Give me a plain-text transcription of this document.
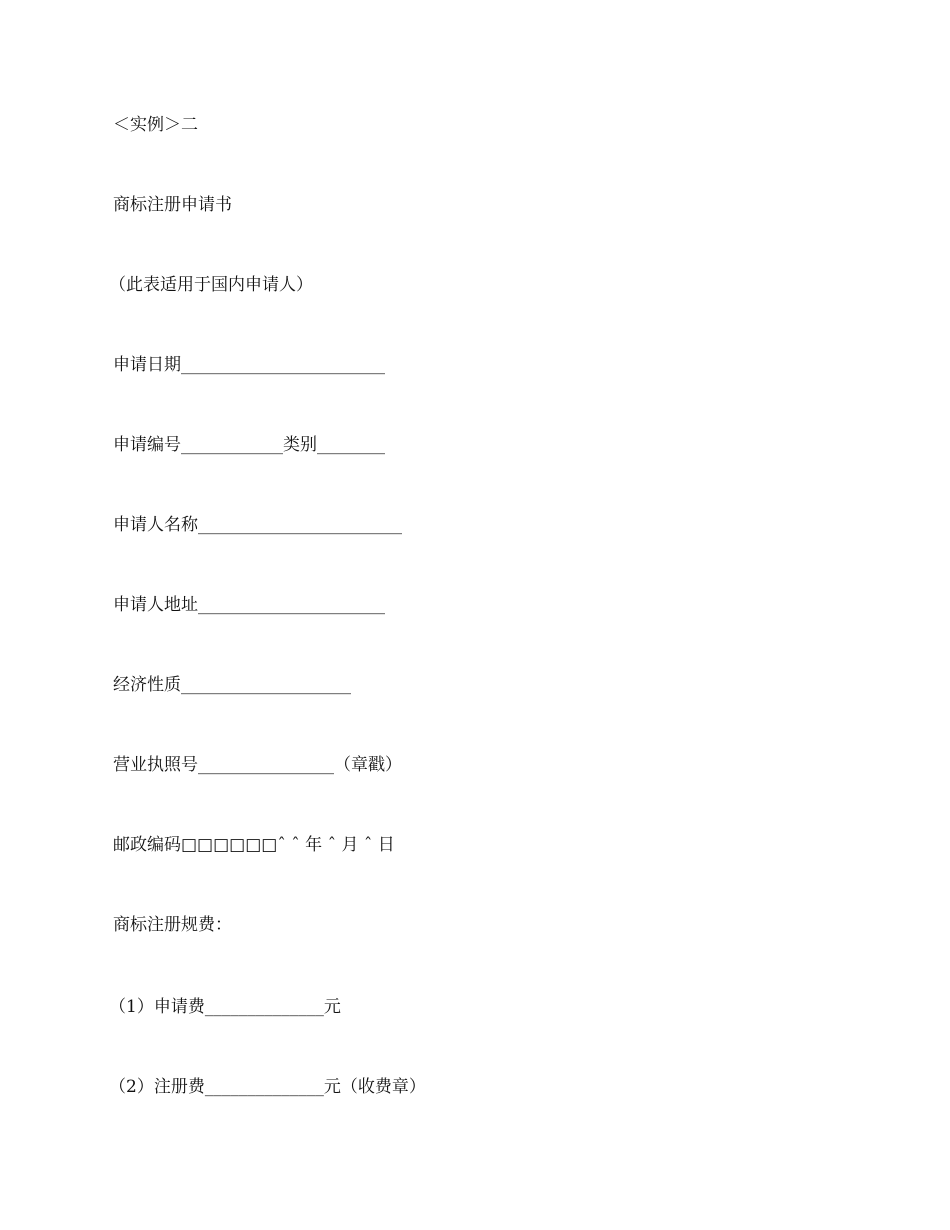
＜实例＞二

商标注册申请书

（此表适用于国内申请人）

申请日期________________________

申请编号____________类别________

申请人名称________________________

申请人地址______________________

经济性质____________________

营业执照号________________（章戳）

邮政编码□□□□□□ˆ ˆ 年 ˆ 月 ˆ 日

商标注册规费：

（1）申请费______________元

（2）注册费______________元（收费章）
